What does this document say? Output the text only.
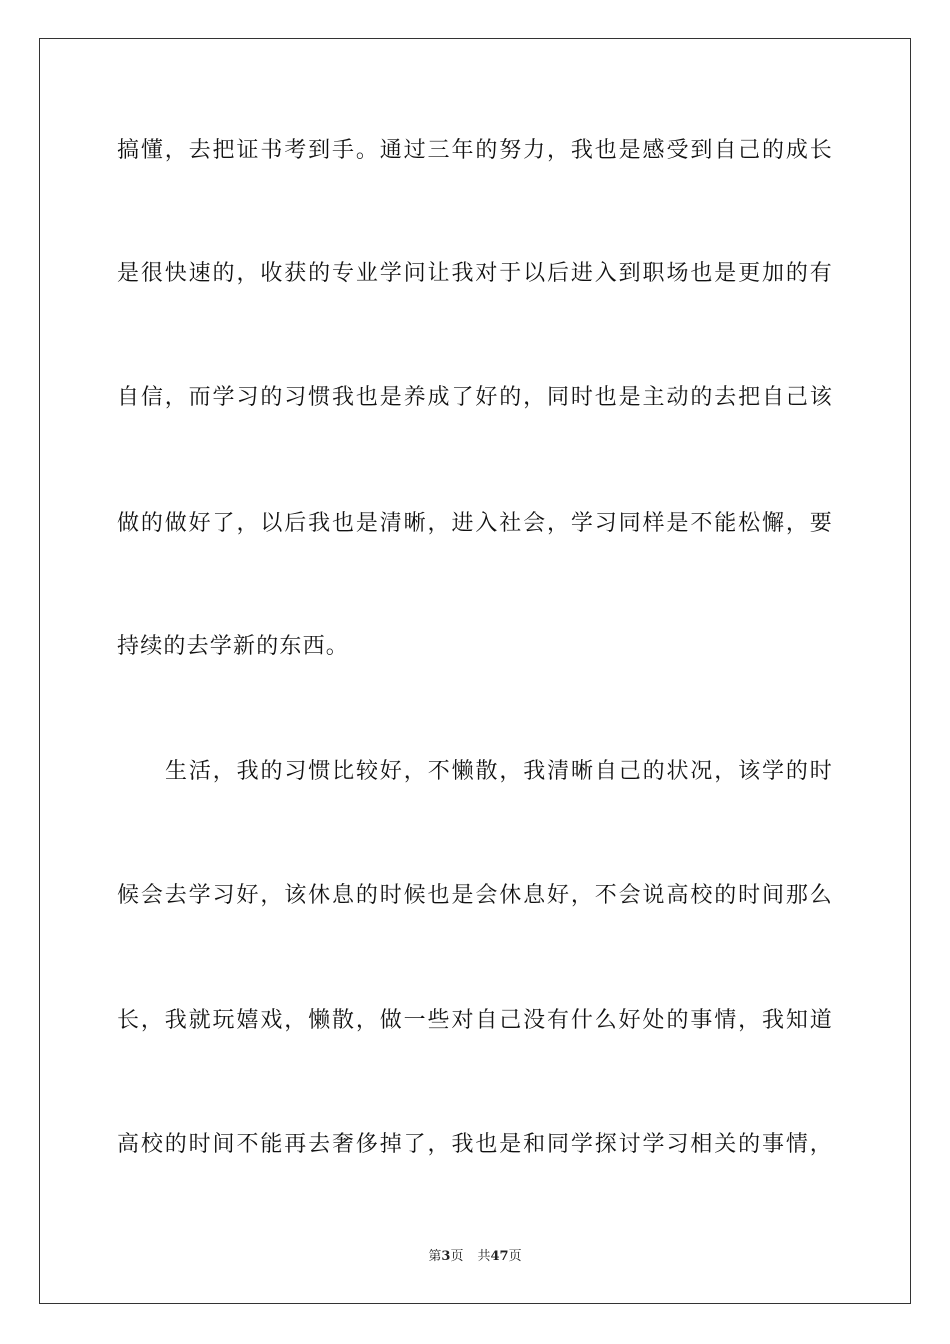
搞懂，去把证书考到手。通过三年的努力，我也是感受到自己的成长
是很快速的，收获的专业学问让我对于以后进入到职场也是更加的有
自信，而学习的习惯我也是养成了好的，同时也是主动的去把自己该
做的做好了，以后我也是清晰，进入社会，学习同样是不能松懈，要
持续的去学新的东西。
生活，我的习惯比较好，不懒散，我清晰自己的状况，该学的时
候会去学习好，该休息的时候也是会休息好，不会说高校的时间那么
长，我就玩嬉戏，懒散，做一些对自己没有什么好处的事情，我知道
高校的时间不能再去奢侈掉了，我也是和同学探讨学习相关的事情，
第3页 共47页
